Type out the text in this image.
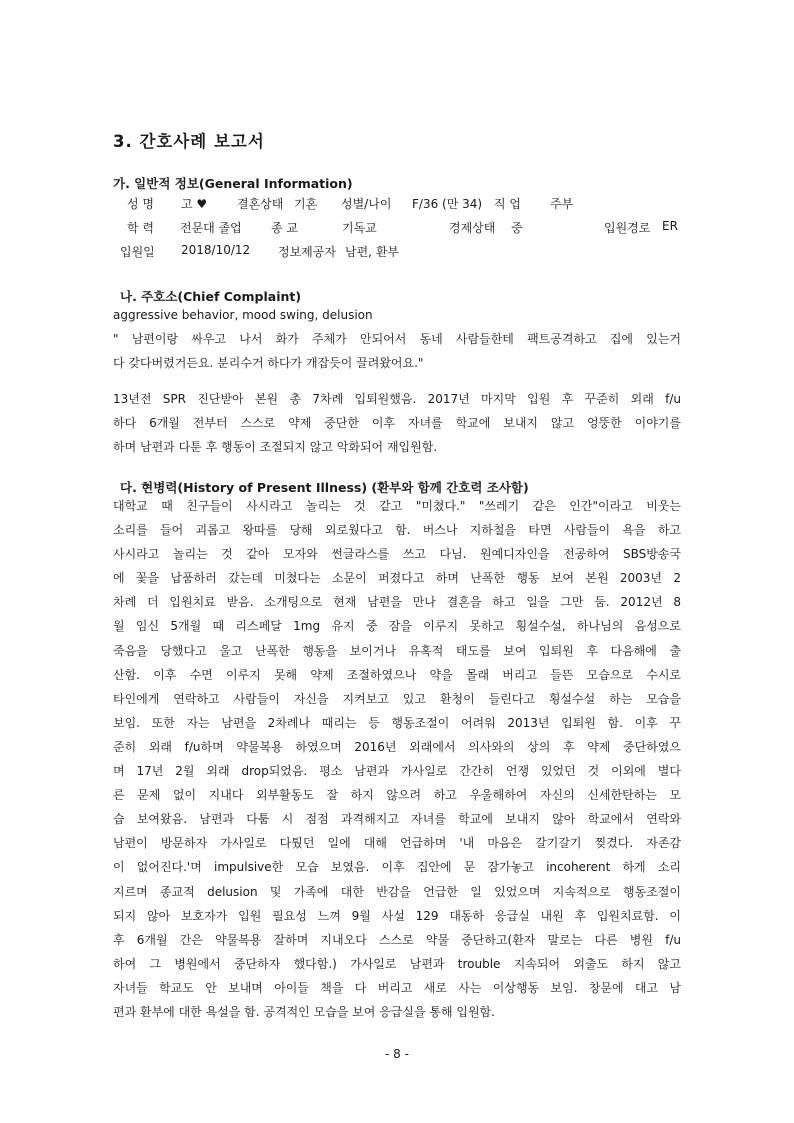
3. 간호사례 보고서
가. 일반적 정보(General Information)
성 명 고 ♥ 결혼상태 기혼 성별/나이 F/36 (만 34) 직 업 주부
학 력 전문대 졸업 종 교	기독교	경제상태 중	입원경로 ER
입원일 2018/10/12 정보제공자 남편, 환부
나. 주호소(Chief Complaint)
aggressive behavior, mood swing, delusion
" 남편이랑 싸우고 나서 화가 주체가 안되어서 동네 사람들한테 팩트공격하고 집에 있는거
다 갖다버렸거든요. 분리수거 하다가 개잡듯이 끌려왔어요."
13년전 SPR 진단받아 본원 총 7차례 입퇴원했음. 2017년 마지막 입원 후 꾸준히 외래 f/u
하다 6개월 전부터 스스로 약제 중단한 이후 자녀를 학교에 보내지 않고 엉뚱한 이야기를
하며 남편과 다툰 후 행동이 조절되지 않고 악화되어 재입원함.
다. 현병력(History of Present Illness) (환부와 함께 간호력 조사함)
대학교 때 친구들이 사시라고 놀리는 것 같고 "미쳤다." "쓰레기 같은 인간"이라고 비웃는
소리를 들어 괴롭고 왕따를 당해 외로웠다고 함. 버스나 지하철을 타면 사람들이 욕을 하고
사시라고 놀리는 것 같아 모자와 썬글라스를 쓰고 다님. 원예디자인을 전공하여 SBS방송국
에 꽃을 납품하러 갔는데 미쳤다는 소문이 퍼졌다고 하며 난폭한 행동 보여 본원 2003년 2
차례 더 입원치료 받음. 소개팅으로 현재 남편을 만나 결혼을 하고 일을 그만 둠. 2012년 8
월 임신 5개월 때 리스페달 1mg 유지 중 잠을 이루지 못하고 횡설수설, 하나님의 음성으로
죽음을 당했다고 울고 난폭한 행동을 보이거나 유혹적 태도를 보여 입퇴원 후 다음해에 출
산함. 이후 수면 이루지 못해 약제 조절하였으나 약을 몰래 버리고 들뜬 모습으로 수시로
타인에게 연락하고 사람들이 자신을 지켜보고 있고 환청이 들린다고 횡설수설 하는 모습을
보임. 또한 자는 남편을 2차례나 때리는 등 행동조절이 어려워 2013년 입퇴원 함. 이후 꾸
준히 외래 f/u하며 약물복용 하였으며 2016년 외래에서 의사와의 상의 후 약제 중단하였으
며 17년 2월 외래 drop되었음. 평소 남편과 가사일로 간간히 언쟁 있었던 것 이외에 별다
른 문제 없이 지내다 외부활동도 잘 하지 않으려 하고 우울해하여 자신의 신세한탄하는 모
습 보여왔음. 남편과 다툼 시 점점 과격해지고 자녀를 학교에 보내지 않아 학교에서 연락와
남편이 방문하자 가사일로 다퉜던 일에 대해 언급하며 '내 마음은 갈기갈기 찢겼다. 자존감
이 없어진다.'며 impulsive한 모습 보였음. 이후 집안에 문 잠가놓고 incoherent 하게 소리
지르며 종교적 delusion 및 가족에 대한 반감을 언급한 일 있었으며 지속적으로 행동조절이
되지 않아 보호자가 입원 필요성 느껴 9월 사설 129 대동하 응급실 내원 후 입원치료함. 이
후 6개월 간은 약물복용 잘하며 지내오다 스스로 약물 중단하고(환자 말로는 다른 병원 f/u
하여 그 병원에서 중단하자 했다함.) 가사일로 남편과 trouble 지속되어 외출도 하지 않고
자녀들 학교도 안 보내며 아이들 책을 다 버리고 새로 사는 이상행동 보임. 창문에 대고 남
편과 환부에 대한 욕설을 함. 공격적인 모습을 보여 응급실을 통해 입원함.
- 8 -
